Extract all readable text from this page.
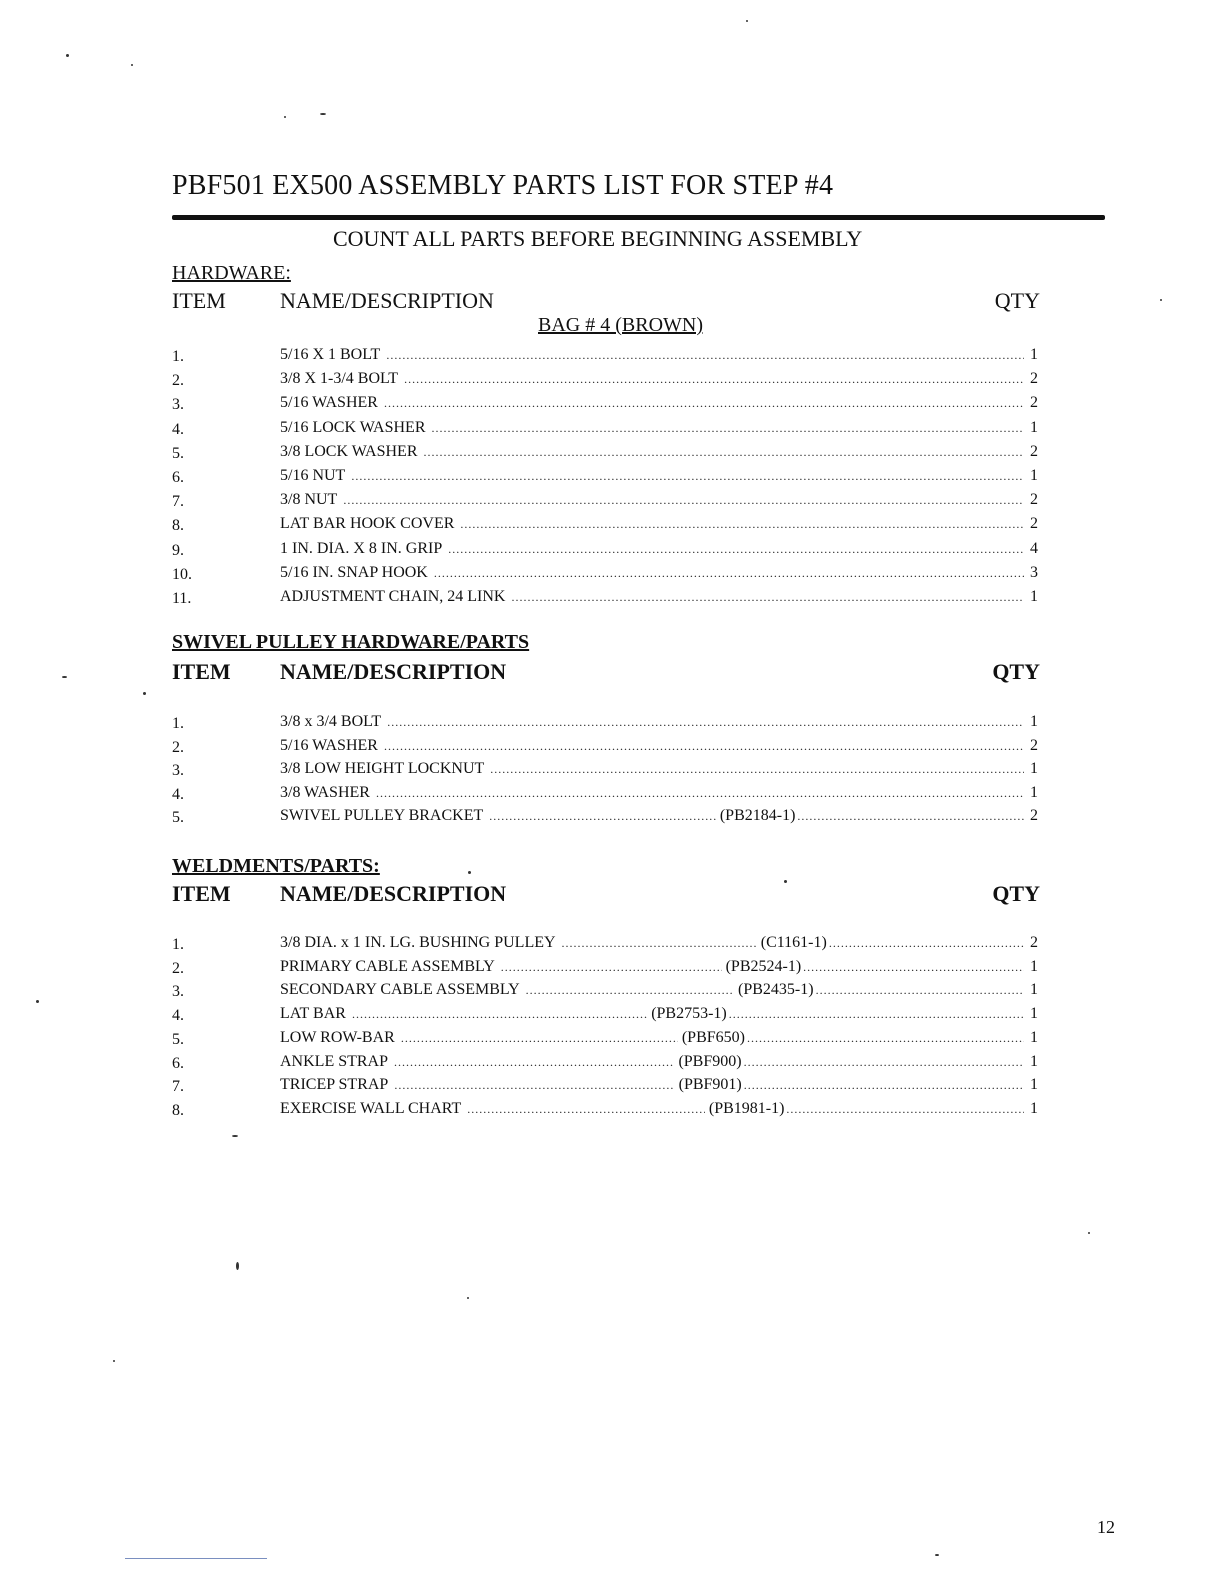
PBF501 EX500 ASSEMBLY PARTS LIST FOR STEP #4
COUNT ALL PARTS BEFORE BEGINNING ASSEMBLY
HARDWARE:
ITEM NAME/DESCRIPTION	QTY
BAG # 4 (BROWN)
1.	5/16 X 1 BOLT .....	1
2.	3/8 X 1-3/4 BOLT .....	2
3.	5/16 WASHER .....	2
4.	5/16 LOCK WASHER .....	1
5.	3/8 LOCK WASHER .....	2
6.	5/16 NUT .....	1
7.	3/8 NUT .....	2
8.	LAT BAR HOOK COVER .....	2
9.	1 IN. DIA. X 8 IN. GRIP .....	4
10.	5/16 IN. SNAP HOOK .....	3
11.	ADJUSTMENT CHAIN, 24 LINK .....	1
SWIVEL PULLEY HARDWARE/PARTS
ITEM NAME/DESCRIPTION	QTY
1.	3/8 x 3/4 BOLT .....	1
2.	5/16 WASHER .....	2
3.	3/8 LOW HEIGHT LOCKNUT .....	1
4.	3/8 WASHER .....	1
5.	SWIVEL PULLEY BRACKET .....	(PB2184-1) .....	2
WELDMENTS/PARTS:
ITEM NAME/DESCRIPTION	QTY
1.	3/8 DIA. x 1 IN. LG. BUSHING PULLEY .....	(C1161-1) .....	2
2.	PRIMARY CABLE ASSEMBLY .....	(PB2524-1) .....	1
3.	SECONDARY CABLE ASSEMBLY .....	(PB2435-1) .....	1
4.	LAT BAR .....	(PB2753-1) .....	1
5.	LOW ROW-BAR .....	(PBF650) .....	1
6.	ANKLE STRAP .....	(PBF900) .....	1
7.	TRICEP STRAP .....	(PBF901) .....	1
8.	EXERCISE WALL CHART .....	(PB1981-1) .....	1
12
